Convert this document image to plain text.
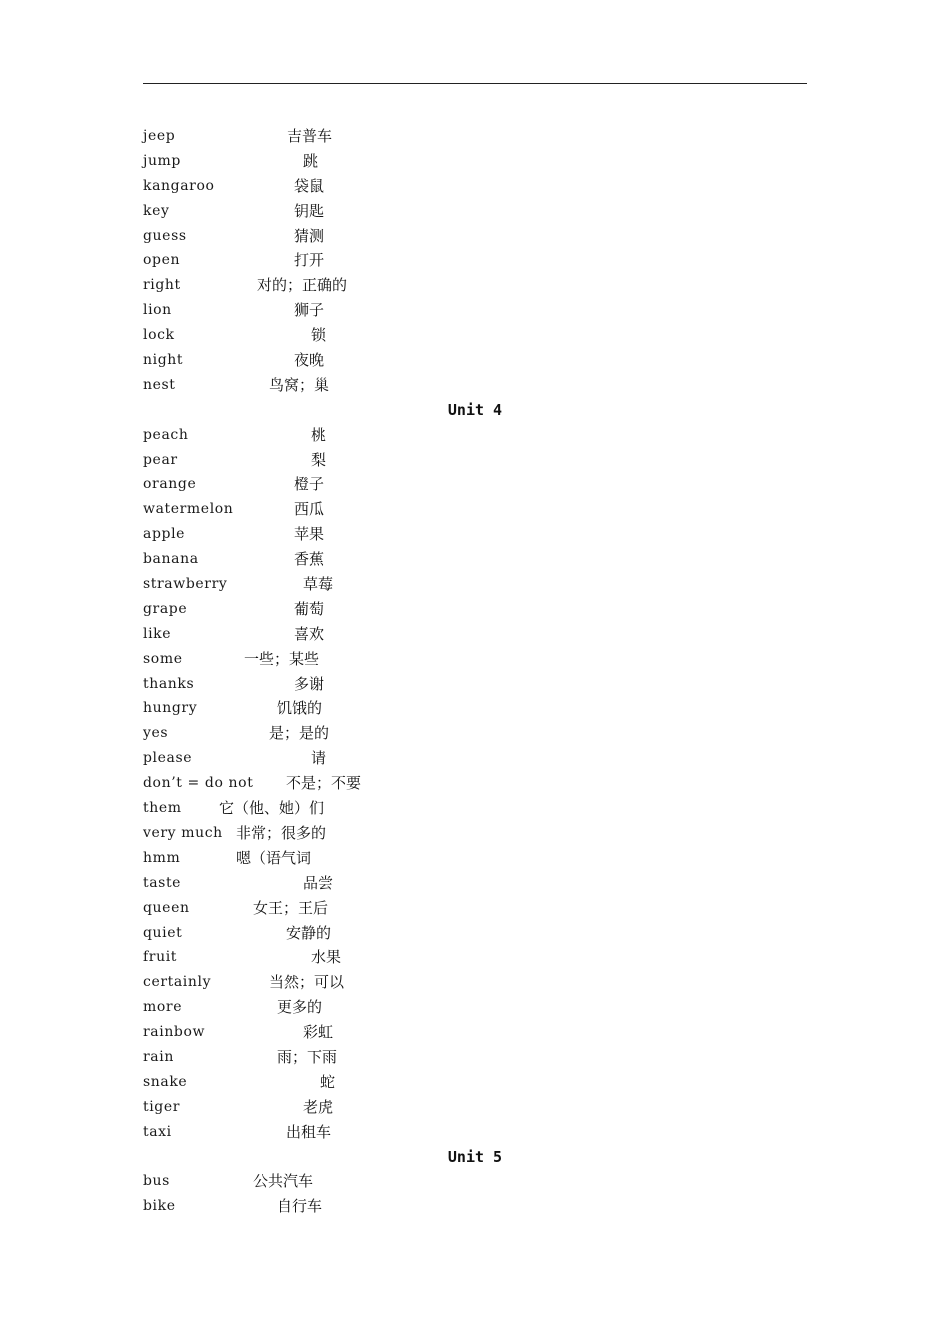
jeep	吉普车
jump	跳
kangaroo	袋鼠
key	钥匙
guess	猜测
open	打开
right	对的；正确的
lion	狮子
lock	锁
night	夜晚
nest	鸟窝；巢
Unit 4
peach	桃
pear	梨
orange	橙子
watermelon	西瓜
apple	苹果
banana	香蕉
strawberry	草莓
grape	葡萄
like	喜欢
some	一些；某些
thanks	多谢
hungry	饥饿的
yes	是；是的
please	请
don’t = do not 不是；不要
them 它（他、她）们
very much 非常；很多的
hmm	嗯（语气词
taste	品尝
queen	女王；王后
quiet	安静的
fruit	水果
certainly	当然；可以
more	更多的
rainbow	彩虹
rain	雨；下雨
snake	蛇
tiger	老虎
taxi	出租车
Unit 5
bus	公共汽车
bike	自行车
